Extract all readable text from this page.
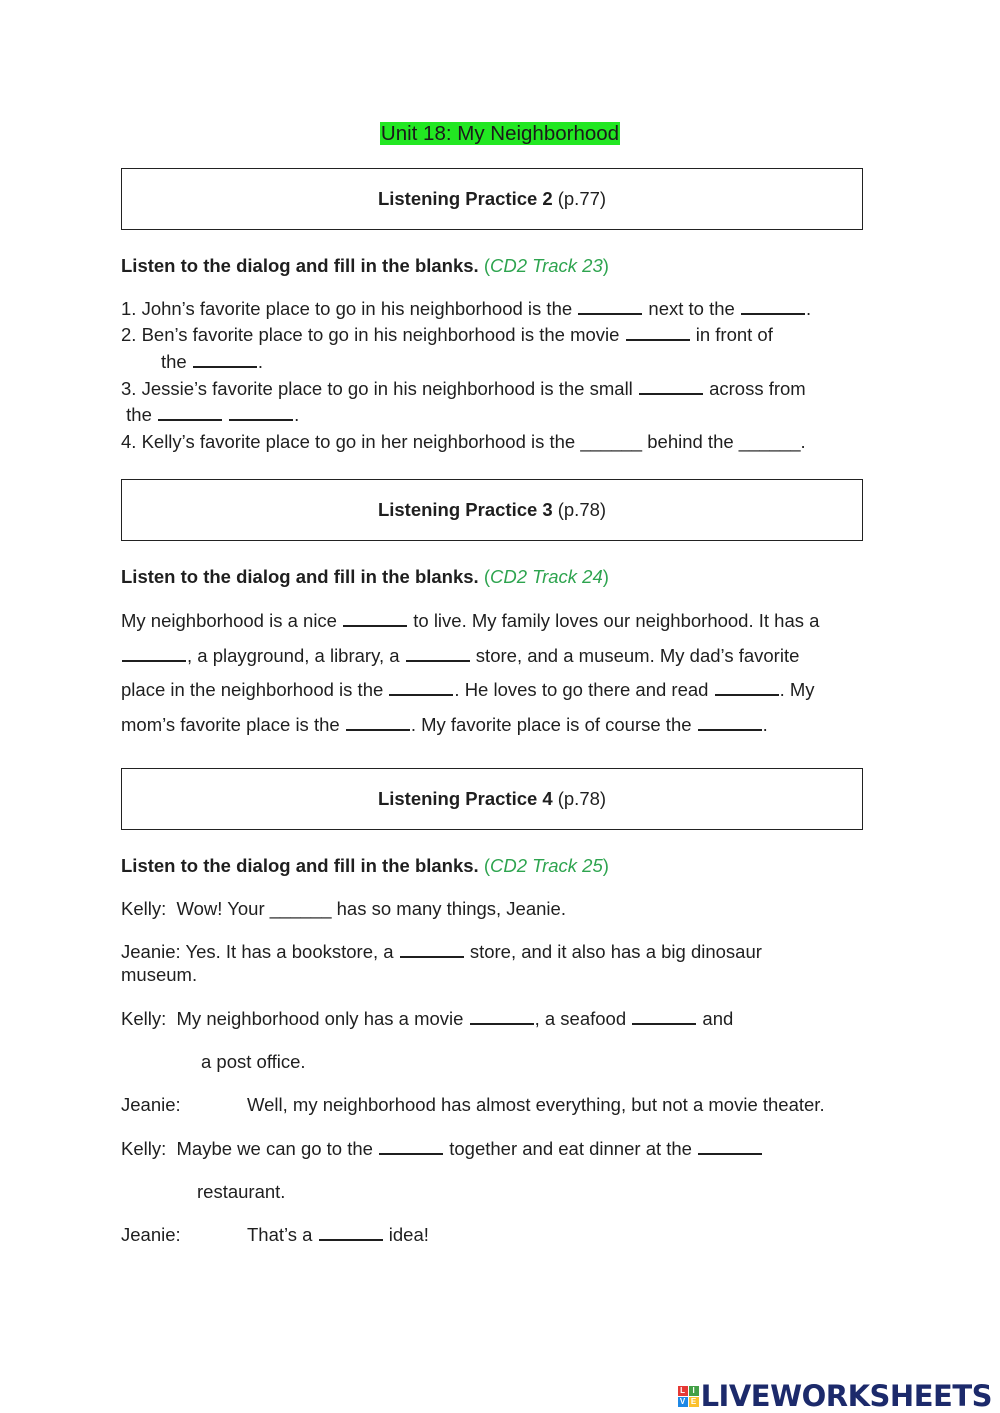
Unit 18: My Neighborhood
Listening Practice 2 (p.77)
Listen to the dialog and fill in the blanks. (CD2 Track 23)
1. John’s favorite place to go in his neighborhood is the	next to the	.
2. Ben’s favorite place to go in his neighborhood is the movie	in front of
the	.
3. Jessie’s favorite place to go in his neighborhood is the small	across from
the	.
4. Kelly’s favorite place to go in her neighborhood is the ______ behind the ______.
Listening Practice 3 (p.78)
Listen to the dialog and fill in the blanks. (CD2 Track 24)
My neighborhood is a nice	to live. My family loves our neighborhood. It has a
, a playground, a library, a	store, and a museum. My dad’s favorite
place in the neighborhood is the	. He loves to go there and read	. My
mom’s favorite place is the	. My favorite place is of course the	.
Listening Practice 4 (p.78)
Listen to the dialog and fill in the blanks. (CD2 Track 25)
Kelly:  Wow! Your ______ has so many things, Jeanie.
Jeanie: Yes. It has a bookstore, a	store, and it also has a big dinosaur
museum.
Kelly:  My neighborhood only has a movie	, a seafood	and
a post office.
Jeanie:	Well, my neighborhood has almost everything, but not a movie theater.
Kelly:  Maybe we can go to the	together and eat dinner at the
restaurant.
Jeanie:	That’s a	idea!
L I
V E LIVEWORKSHEETS
